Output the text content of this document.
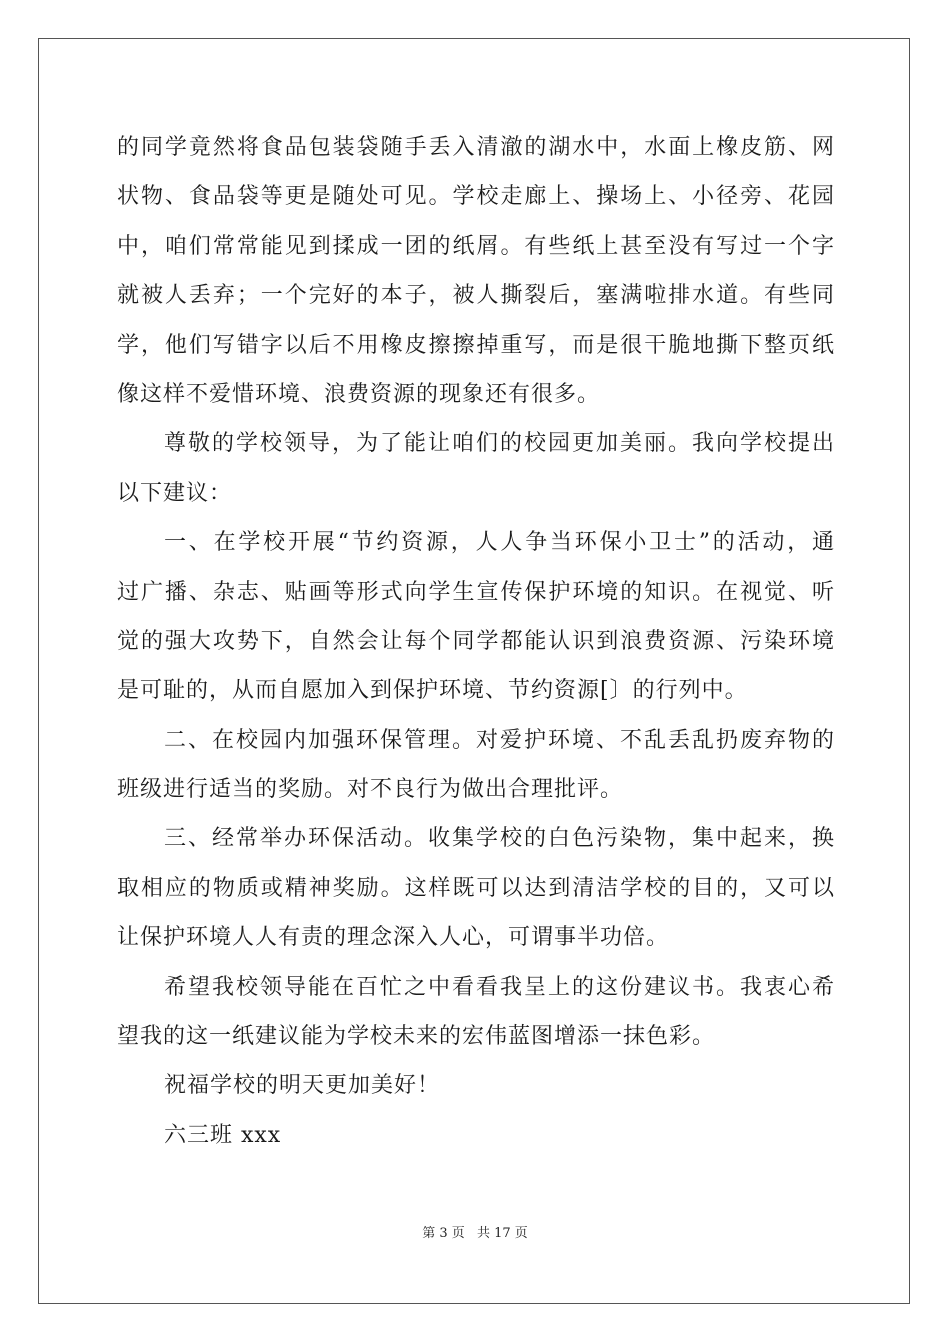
的同学竟然将食品包装袋随手丢入清澈的湖水中，水面上橡皮筋、网
状物、食品袋等更是随处可见。学校走廊上、操场上、小径旁、花园
中，咱们常常能见到揉成一团的纸屑。有些纸上甚至没有写过一个字
就被人丢弃；一个完好的本子，被人撕裂后，塞满啦排水道。有些同
学，他们写错字以后不用橡皮擦擦掉重写，而是很干脆地撕下整页纸
像这样不爱惜环境、浪费资源的现象还有很多。

尊敬的学校领导，为了能让咱们的校园更加美丽。我向学校提出
以下建议：

一、在学校开展“节约资源，人人争当环保小卫士”的活动，通
过广播、杂志、贴画等形式向学生宣传保护环境的知识。在视觉、听
觉的强大攻势下，自然会让每个同学都能认识到浪费资源、污染环境
是可耻的，从而自愿加入到保护环境、节约资源[〕的行列中。

二、在校园内加强环保管理。对爱护环境、不乱丢乱扔废弃物的
班级进行适当的奖励。对不良行为做出合理批评。

三、经常举办环保活动。收集学校的白色污染物，集中起来，换
取相应的物质或精神奖励。这样既可以达到清洁学校的目的，又可以
让保护环境人人有责的理念深入人心，可谓事半功倍。

希望我校领导能在百忙之中看看我呈上的这份建议书。我衷心希
望我的这一纸建议能为学校未来的宏伟蓝图增添一抹色彩。

祝福学校的明天更加美好！
六三班 xxx
第 3 页 共 17 页
